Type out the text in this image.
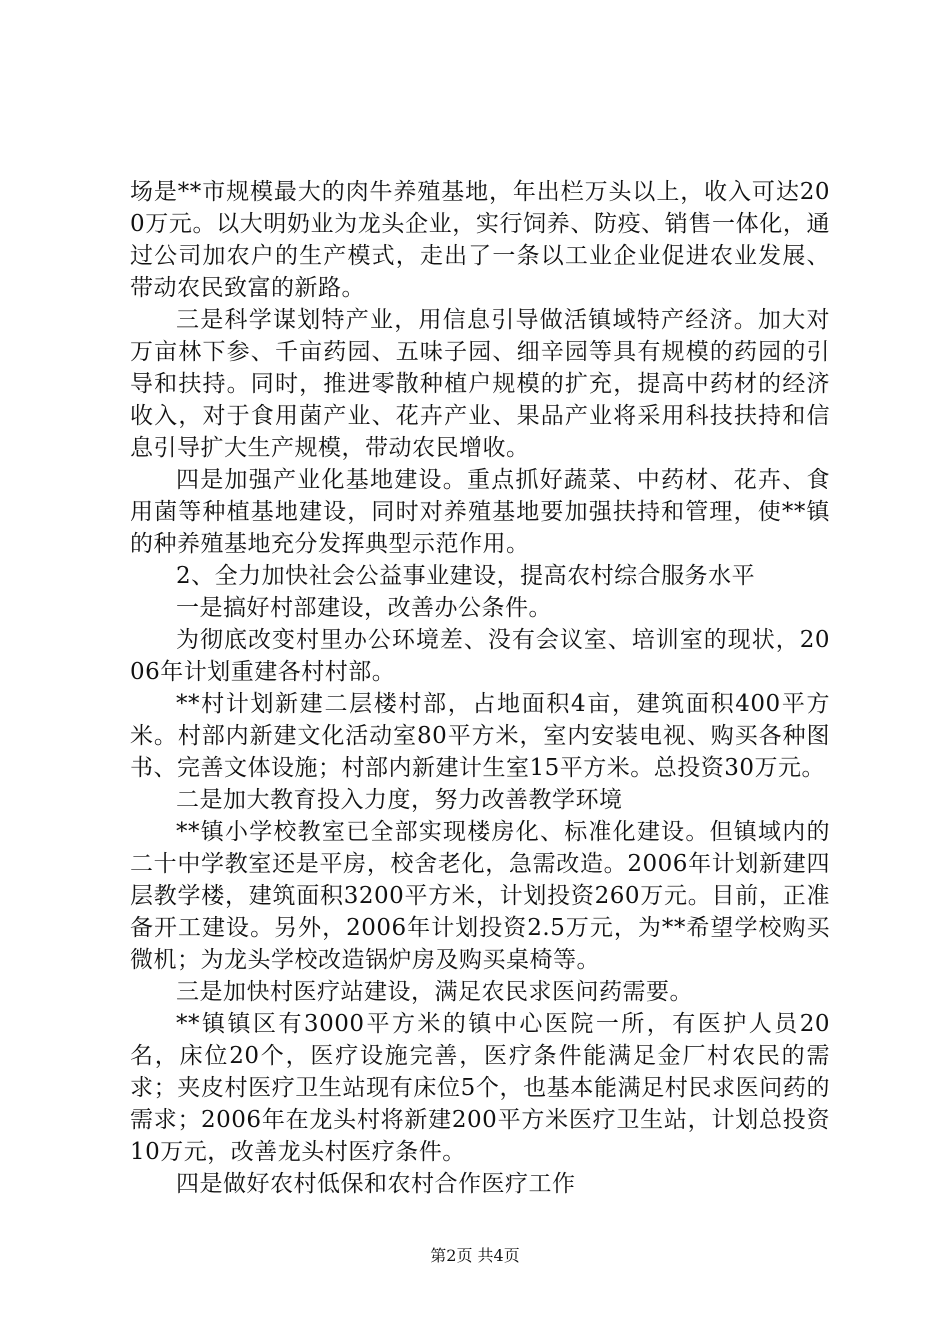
场是**市规模最大的肉牛养殖基地，年出栏万头以上，收入可达200万元。以大明奶业为龙头企业，实行饲养、防疫、销售一体化，通过公司加农户的生产模式，走出了一条以工业企业促进农业发展、带动农民致富的新路。

三是科学谋划特产业，用信息引导做活镇域特产经济。加大对万亩林下参、千亩药园、五味子园、细辛园等具有规模的药园的引导和扶持。同时，推进零散种植户规模的扩充，提高中药材的经济收入，对于食用菌产业、花卉产业、果品产业将采用科技扶持和信息引导扩大生产规模，带动农民增收。

四是加强产业化基地建设。重点抓好蔬菜、中药材、花卉、食用菌等种植基地建设，同时对养殖基地要加强扶持和管理，使**镇的种养殖基地充分发挥典型示范作用。

2、全力加快社会公益事业建设，提高农村综合服务水平

一是搞好村部建设，改善办公条件。

为彻底改变村里办公环境差、没有会议室、培训室的现状，2006年计划重建各村村部。

**村计划新建二层楼村部，占地面积4亩，建筑面积400平方米。村部内新建文化活动室80平方米，室内安装电视、购买各种图书、完善文体设施；村部内新建计生室15平方米。总投资30万元。

二是加大教育投入力度，努力改善教学环境

**镇小学校教室已全部实现楼房化、标准化建设。但镇域内的二十中学教室还是平房，校舍老化，急需改造。2006年计划新建四层教学楼，建筑面积3200平方米，计划投资260万元。目前，正准备开工建设。另外，2006年计划投资2.5万元，为**希望学校购买微机；为龙头学校改造锅炉房及购买桌椅等。

三是加快村医疗站建设，满足农民求医问药需要。

**镇镇区有3000平方米的镇中心医院一所，有医护人员20名，床位20个，医疗设施完善，医疗条件能满足金厂村农民的需求；夹皮村医疗卫生站现有床位5个，也基本能满足村民求医问药的需求；2006年在龙头村将新建200平方米医疗卫生站，计划总投资10万元，改善龙头村医疗条件。

四是做好农村低保和农村合作医疗工作

第2页 共4页
